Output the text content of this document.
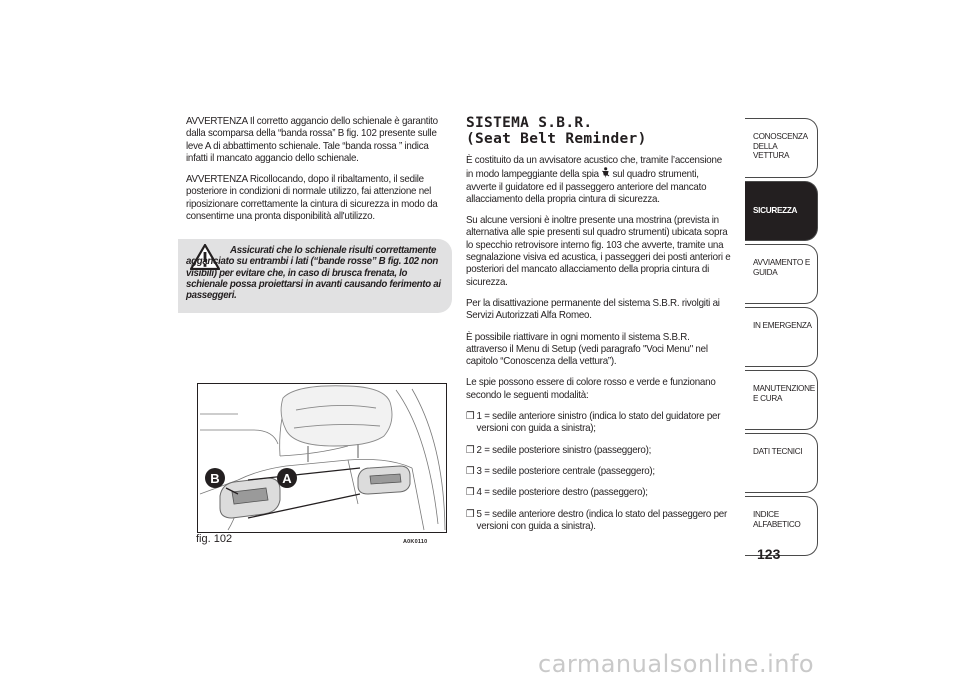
AVVERTENZA Il corretto aggancio dello schienale è garantito dalla scomparsa della “banda rossa” B fig. 102 presente sulle leve A di abbattimento schienale. Tale “banda rossa ” indica infatti il mancato aggancio dello schienale.

AVVERTENZA Ricollocando, dopo il ribaltamento, il sedile posteriore in condizioni di normale utilizzo, fai attenzione nel riposizionare correttamente la cintura di sicurezza in modo da consentirne una pronta disponibilità all'utilizzo.

Assicurati che lo schienale risulti correttamente agganciato su entrambi i lati (“bande rosse” B fig. 102 non visibili) per evitare che, in caso di brusca frenata, lo schienale possa proiettarsi in avanti causando ferimento ai passeggeri.

B	A
fig. 102	A0K0110
SISTEMA S.B.R.
(Seat Belt Reminder)

È costituito da un avvisatore acustico che, tramite l’accensione in modo lampeggiante della spia sul quadro strumenti, avverte il guidatore ed il passeggero anteriore del mancato allacciamento della propria cintura di sicurezza.

Su alcune versioni è inoltre presente una mostrina (prevista in alternativa alle spie presenti sul quadro strumenti) ubicata sopra lo specchio retrovisore interno fig. 103 che avverte, tramite una segnalazione visiva ed acustica, i passeggeri dei posti anteriori e posteriori del mancato allacciamento della propria cintura di sicurezza.

Per la disattivazione permanente del sistema S.B.R. rivolgiti ai Servizi Autorizzati Alfa Romeo.

È possibile riattivare in ogni momento il sistema S.B.R. attraverso il Menu di Setup (vedi paragrafo "Voci Menu" nel capitolo “Conoscenza della vettura”).

Le spie possono essere di colore rosso e verde e funzionano secondo le seguenti modalità:

❒ 1 = sedile anteriore sinistro (indica lo stato del guidatore per versioni con guida a sinistra);

❒ 2 = sedile posteriore sinistro (passeggero);

❒ 3 = sedile posteriore centrale (passeggero);

❒ 4 = sedile posteriore destro (passeggero);

❒ 5 = sedile anteriore destro (indica lo stato del passeggero per versioni con guida a sinistra).

CONOSCENZA DELLA VETTURA
SICUREZZA
AVVIAMENTO E GUIDA
IN EMERGENZA
MANUTENZIONE E CURA
DATI TECNICI
INDICE ALFABETICO
123
carmanualsonline.info
